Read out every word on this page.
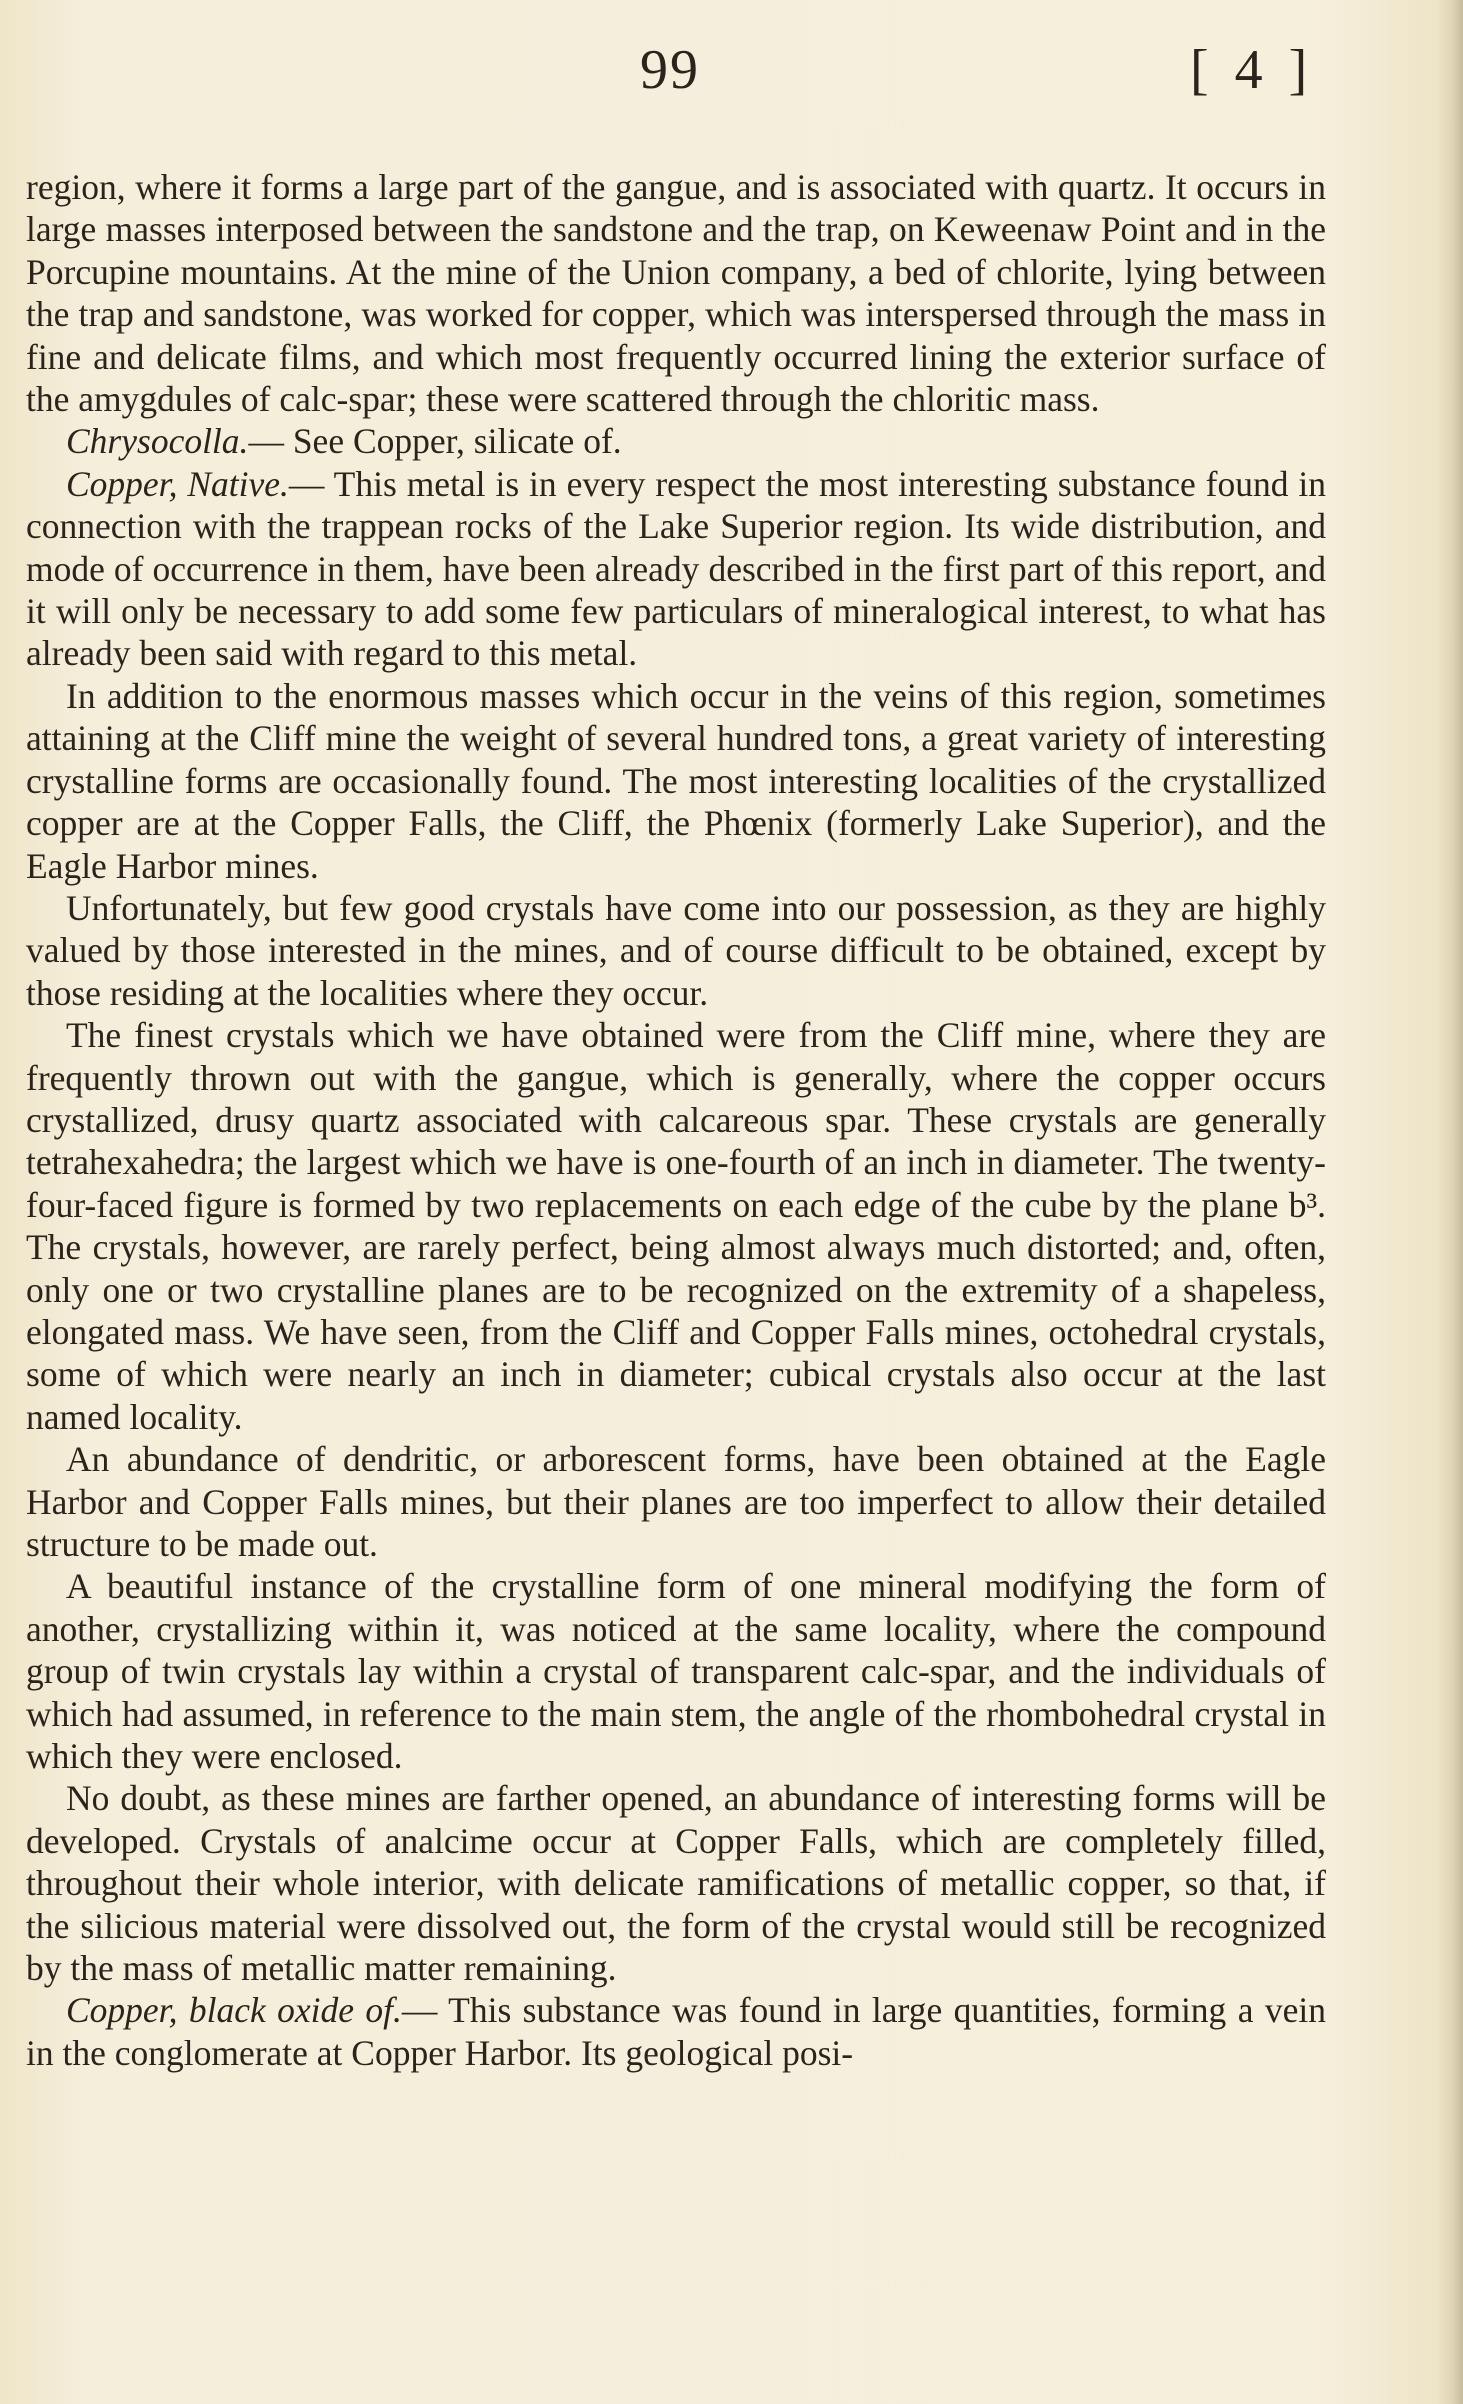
99	[ 4 ]

region, where it forms a large part of the gangue, and is associated with quartz. It occurs in large masses interposed between the sandstone and the trap, on Keweenaw Point and in the Porcupine mountains. At the mine of the Union company, a bed of chlorite, lying between the trap and sandstone, was worked for copper, which was interspersed through the mass in fine and delicate films, and which most frequently occurred lining the exterior surface of the amygdules of calc-spar; these were scattered through the chloritic mass.

Chrysocolla.— See Copper, silicate of.

Copper, Native.— This metal is in every respect the most interesting substance found in connection with the trappean rocks of the Lake Superior region. Its wide distribution, and mode of occurrence in them, have been already described in the first part of this report, and it will only be necessary to add some few particulars of mineralogical interest, to what has already been said with regard to this metal.

In addition to the enormous masses which occur in the veins of this region, sometimes attaining at the Cliff mine the weight of several hundred tons, a great variety of interesting crystalline forms are occasionally found. The most interesting localities of the crystallized copper are at the Copper Falls, the Cliff, the Phœnix (formerly Lake Superior), and the Eagle Harbor mines.

Unfortunately, but few good crystals have come into our possession, as they are highly valued by those interested in the mines, and of course difficult to be obtained, except by those residing at the localities where they occur.

The finest crystals which we have obtained were from the Cliff mine, where they are frequently thrown out with the gangue, which is generally, where the copper occurs crystallized, drusy quartz associated with calcareous spar. These crystals are generally tetrahexahedra; the largest which we have is one-fourth of an inch in diameter. The twenty-four-faced figure is formed by two replacements on each edge of the cube by the plane b³. The crystals, however, are rarely perfect, being almost always much distorted; and, often, only one or two crystalline planes are to be recognized on the extremity of a shapeless, elongated mass. We have seen, from the Cliff and Copper Falls mines, octohedral crystals, some of which were nearly an inch in diameter; cubical crystals also occur at the last named locality.

An abundance of dendritic, or arborescent forms, have been obtained at the Eagle Harbor and Copper Falls mines, but their planes are too imperfect to allow their detailed structure to be made out.

A beautiful instance of the crystalline form of one mineral modifying the form of another, crystallizing within it, was noticed at the same locality, where the compound group of twin crystals lay within a crystal of transparent calc-spar, and the individuals of which had assumed, in reference to the main stem, the angle of the rhombohedral crystal in which they were enclosed.

No doubt, as these mines are farther opened, an abundance of interesting forms will be developed. Crystals of analcime occur at Copper Falls, which are completely filled, throughout their whole interior, with delicate ramifications of metallic copper, so that, if the silicious material were dissolved out, the form of the crystal would still be recognized by the mass of metallic matter remaining.

Copper, black oxide of.— This substance was found in large quantities, forming a vein in the conglomerate at Copper Harbor. Its geological posi-
